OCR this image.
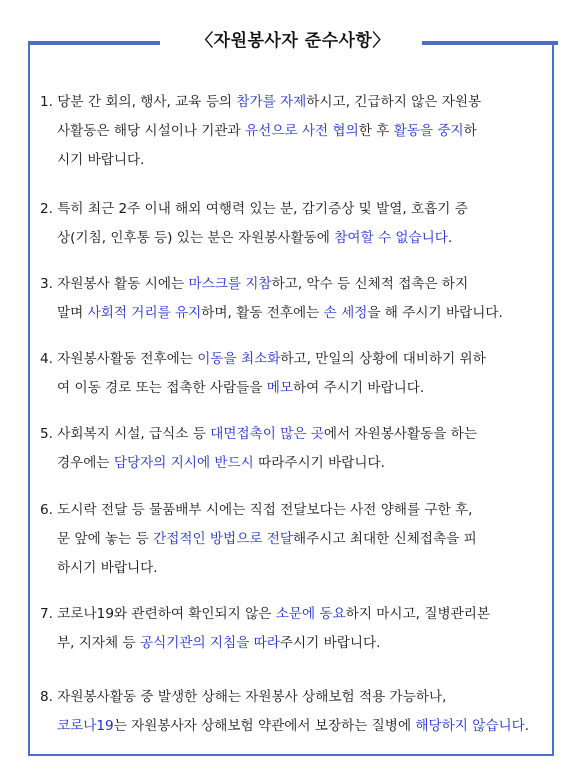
〈자원봉사자 준수사항〉
1. 당분 간 회의, 행사, 교육 등의 참가를 자제하시고, 긴급하지 않은 자원봉
사활동은 해당 시설이나 기관과 유선으로 사전 협의한 후 활동을 중지하
시기 바랍니다.
2. 특히 최근 2주 이내 해외 여행력 있는 분, 감기증상 및 발열, 호흡기 증
상(기침, 인후통 등) 있는 분은 자원봉사활동에 참여할 수 없습니다.
3. 자원봉사 활동 시에는 마스크를 지참하고, 악수 등 신체적 접촉은 하지
말며 사회적 거리를 유지하며, 활동 전후에는 손 세정을 해 주시기 바랍니다.
4. 자원봉사활동 전후에는 이동을 최소화하고, 만일의 상황에 대비하기 위하
여 이동 경로 또는 접촉한 사람들을 메모하여 주시기 바랍니다.
5. 사회복지 시설, 급식소 등 대면접촉이 많은 곳에서 자원봉사활동을 하는
경우에는 담당자의 지시에 반드시 따라주시기 바랍니다.
6. 도시락 전달 등 물품배부 시에는 직접 전달보다는 사전 양해를 구한 후,
문 앞에 놓는 등 간접적인 방법으로 전달해주시고 최대한 신체접촉을 피
하시기 바랍니다.
7. 코로나19와 관련하여 확인되지 않은 소문에 동요하지 마시고, 질병관리본
부, 지자체 등 공식기관의 지침을 따라주시기 바랍니다.
8. 자원봉사활동 중 발생한 상해는 자원봉사 상해보험 적용 가능하나,
코로나19는 자원봉사자 상해보험 약관에서 보장하는 질병에 해당하지 않습니다.
